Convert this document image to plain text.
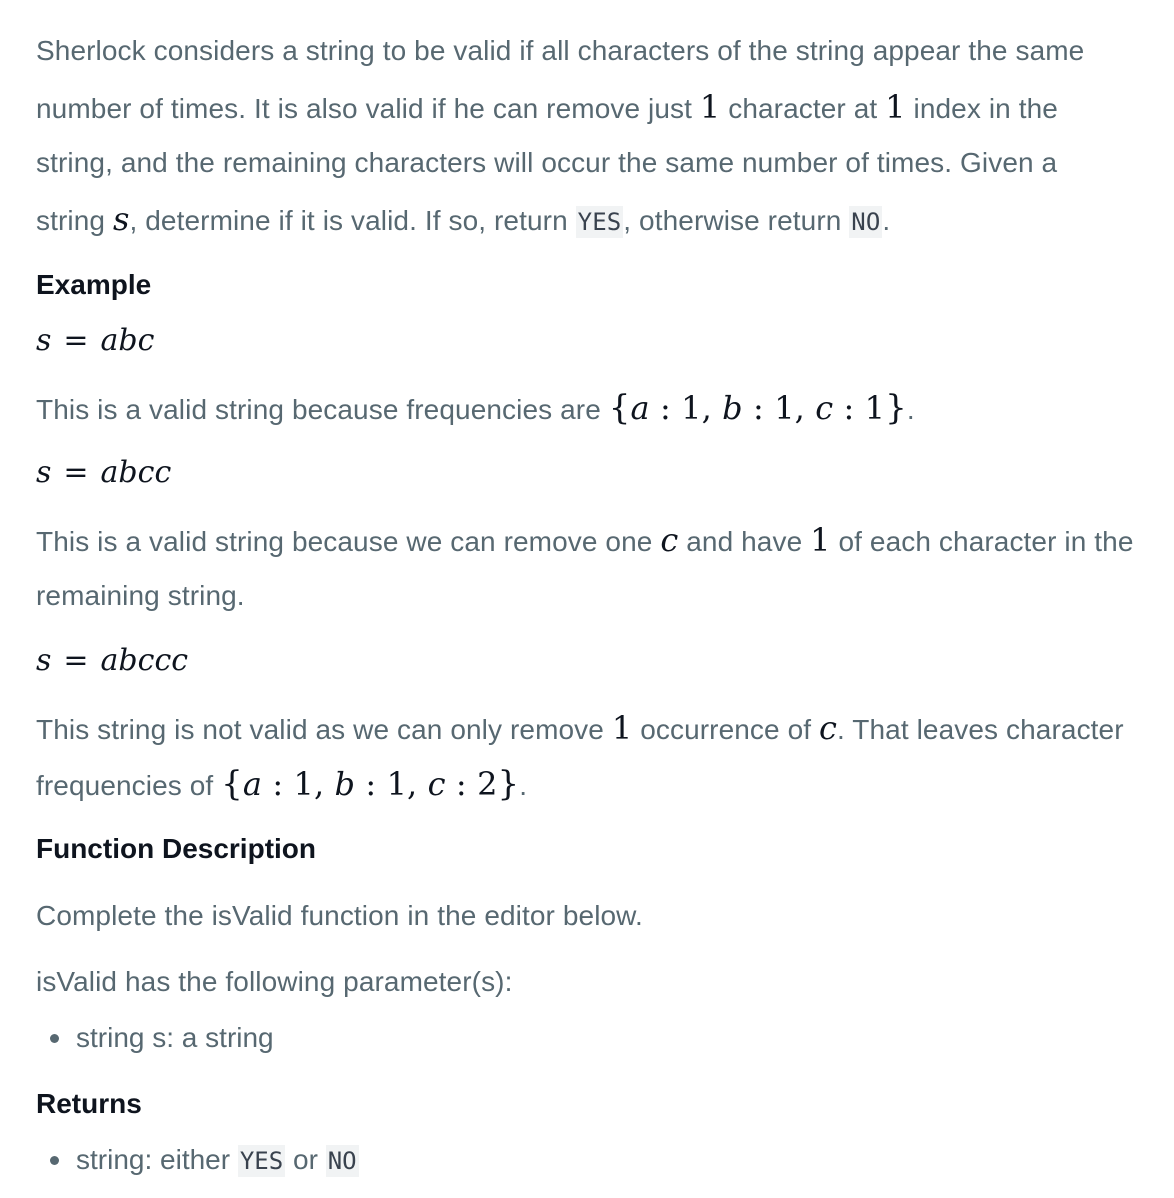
Sherlock considers a string to be valid if all characters of the string appear the same
number of times. It is also valid if he can remove just 1 character at 1 index in the
string, and the remaining characters will occur the same number of times. Given a
string s, determine if it is valid. If so, return YES, otherwise return NO.
Example
s = abc
This is a valid string because frequencies are {a : 1, b : 1, c : 1}.
s = abcc
This is a valid string because we can remove one c and have 1 of each character in the
remaining string.
s = abccc
This string is not valid as we can only remove 1 occurrence of c. That leaves character
frequencies of {a : 1, b : 1, c : 2}.
Function Description
Complete the isValid function in the editor below.
isValid has the following parameter(s):
string s: a string
Returns
string: either YES or NO
